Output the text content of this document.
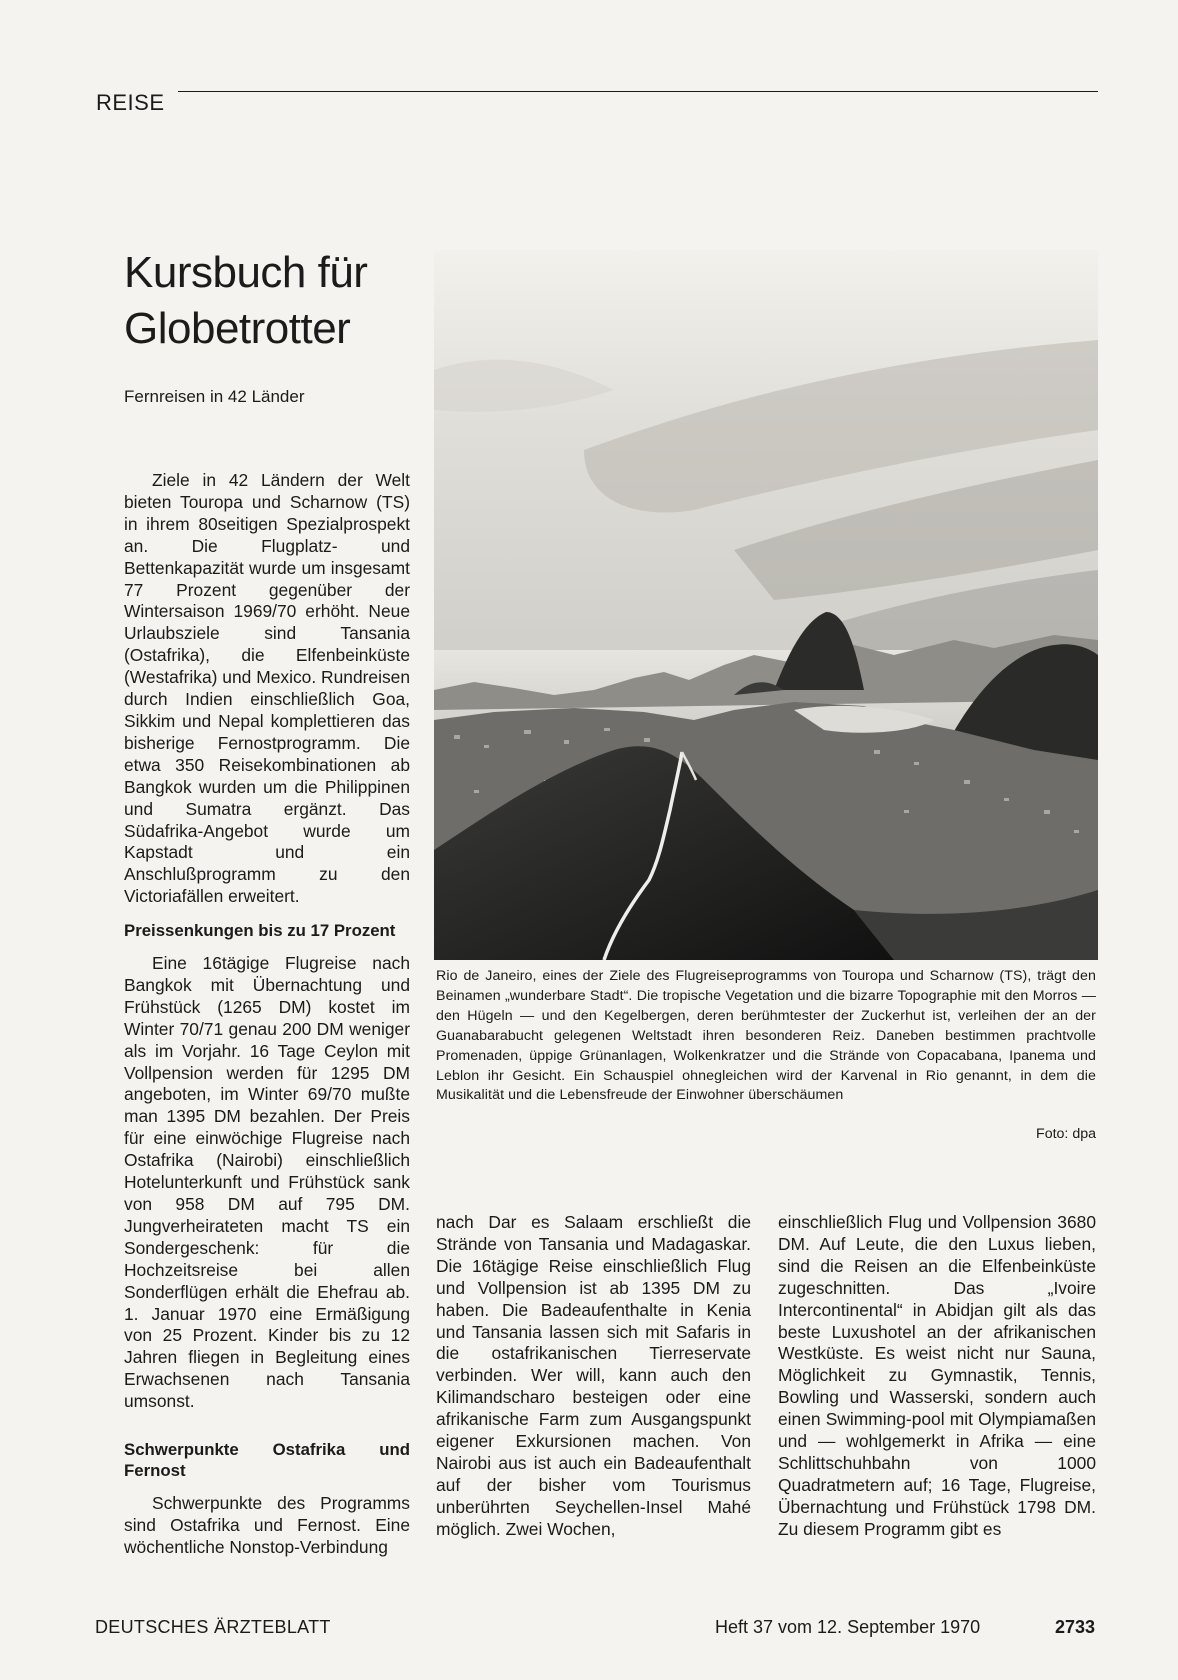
REISE
Kursbuch für
Globetrotter
Fernreisen in 42 Länder

Ziele in 42 Ländern der Welt bieten Touropa und Scharnow (TS) in ihrem 80seitigen Spezialprospekt an. Die Flugplatz- und Bettenkapazität wurde um insgesamt 77 Prozent gegenüber der Wintersaison 1969/70 erhöht. Neue Urlaubsziele sind Tansania (Ostafrika), die Elfenbeinküste (Westafrika) und Mexico. Rundreisen durch Indien einschließlich Goa, Sikkim und Nepal komplettieren das bisherige Fernostprogramm. Die etwa 350 Reisekombinationen ab Bangkok wurden um die Philippinen und Sumatra ergänzt. Das Südafrika-Angebot wurde um Kapstadt und ein Anschlußprogramm zu den Victoriafällen erweitert.

Preissenkungen bis zu 17 Prozent

Eine 16tägige Flugreise nach Bangkok mit Übernachtung und Frühstück (1265 DM) kostet im Winter 70/71 genau 200 DM weniger als im Vorjahr. 16 Tage Ceylon mit Vollpension werden für 1295 DM angeboten, im Winter 69/70 mußte man 1395 DM bezahlen. Der Preis für eine einwöchige Flugreise nach Ostafrika (Nairobi) einschließlich Hotelunterkunft und Frühstück sank von 958 DM auf 795 DM. Jungverheirateten macht TS ein Sondergeschenk: für die Hochzeitsreise bei allen Sonderflügen erhält die Ehefrau ab. 1. Januar 1970 eine Ermäßigung von 25 Prozent. Kinder bis zu 12 Jahren fliegen in Begleitung eines Erwachsenen nach Tansania umsonst.

Schwerpunkte Ostafrika und Fernost

Schwerpunkte des Programms sind Ostafrika und Fernost. Eine wöchentliche Nonstop-Verbindung

Rio de Janeiro, eines der Ziele des Flugreiseprogramms von Touropa und Scharnow (TS), trägt den Beinamen „wunderbare Stadt“. Die tropische Vegetation und die bizarre Topographie mit den Morros — den Hügeln — und den Kegelbergen, deren berühmtester der Zuckerhut ist, verleihen der an der Guanabarabucht gelegenen Weltstadt ihren besonderen Reiz. Daneben bestimmen prachtvolle Promenaden, üppige Grünanlagen, Wolkenkratzer und die Strände von Copacabana, Ipanema und Leblon ihr Gesicht. Ein Schauspiel ohnegleichen wird der Karvenal in Rio genannt, in dem die Musikalität und die Lebensfreude der Einwohner überschäumen
Foto: dpa

nach Dar es Salaam erschließt die Strände von Tansania und Madagaskar. Die 16tägige Reise einschließlich Flug und Vollpension ist ab 1395 DM zu haben. Die Badeaufenthalte in Kenia und Tansania lassen sich mit Safaris in die ostafrikanischen Tierreservate verbinden. Wer will, kann auch den Kilimandscharo besteigen oder eine afrikanische Farm zum Ausgangspunkt eigener Exkursionen machen. Von Nairobi aus ist auch ein Badeaufenthalt auf der bisher vom Tourismus unberührten Seychellen-Insel Mahé möglich. Zwei Wochen,

einschließlich Flug und Vollpension 3680 DM. Auf Leute, die den Luxus lieben, sind die Reisen an die Elfenbeinküste zugeschnitten. Das „Ivoire Intercontinental“ in Abidjan gilt als das beste Luxushotel an der afrikanischen Westküste. Es weist nicht nur Sauna, Möglichkeit zu Gymnastik, Tennis, Bowling und Wasserski, sondern auch einen Swimming-pool mit Olympiamaßen und — wohlgemerkt in Afrika — eine Schlittschuhbahn von 1000 Quadratmetern auf; 16 Tage, Flugreise, Übernachtung und Frühstück 1798 DM. Zu diesem Programm gibt es

DEUTSCHES ÄRZTEBLATT	Heft 37 vom 12. September 1970	2733
